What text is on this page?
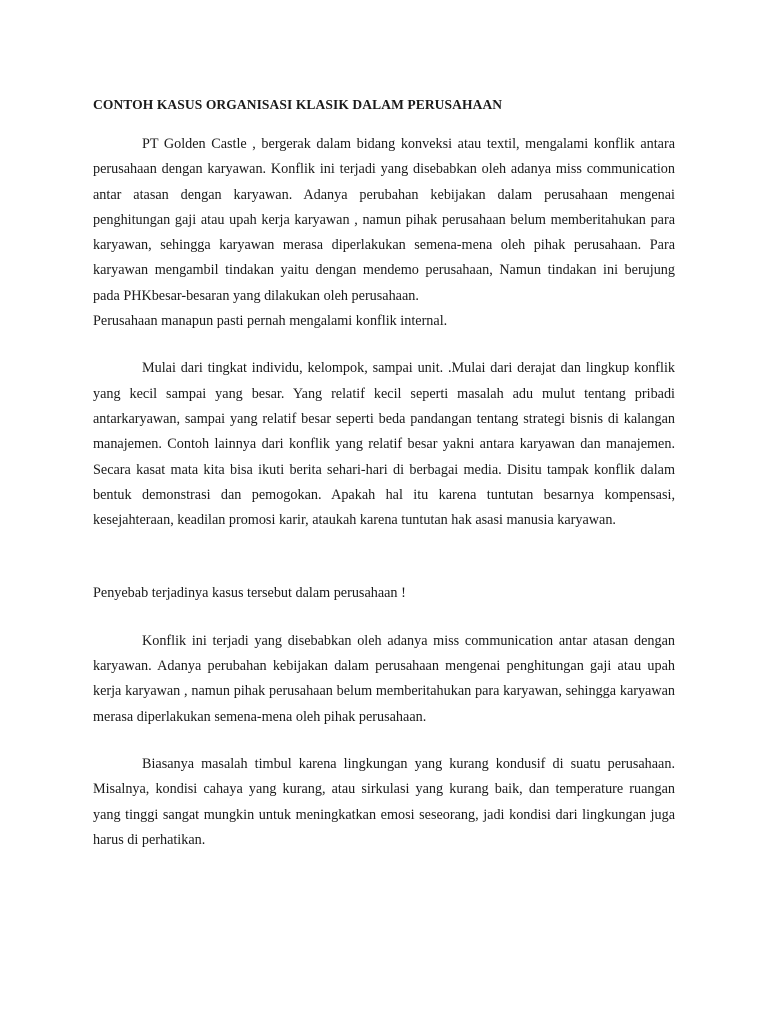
CONTOH KASUS ORGANISASI KLASIK DALAM PERUSAHAAN

PT Golden Castle , bergerak dalam bidang konveksi atau textil, mengalami konflik antara perusahaan dengan karyawan. Konflik ini terjadi yang disebabkan oleh adanya miss communication antar atasan dengan karyawan. Adanya perubahan kebijakan dalam perusahaan mengenai penghitungan gaji atau upah kerja karyawan , namun pihak perusahaan belum memberitahukan para karyawan, sehingga karyawan merasa diperlakukan semena-mena oleh pihak perusahaan. Para karyawan mengambil tindakan yaitu dengan mendemo perusahaan, Namun tindakan ini berujung pada PHKbesar-besaran yang dilakukan oleh perusahaan.

Perusahaan manapun pasti pernah mengalami konflik internal.

Mulai dari tingkat individu, kelompok, sampai unit. .Mulai dari derajat dan lingkup konflik yang kecil sampai yang besar. Yang relatif kecil seperti masalah adu mulut tentang pribadi antarkaryawan, sampai yang relatif besar seperti beda pandangan tentang strategi bisnis di kalangan manajemen. Contoh lainnya dari konflik yang relatif besar yakni antara karyawan dan manajemen. Secara kasat mata kita bisa ikuti berita sehari-hari di berbagai media. Disitu tampak konflik dalam bentuk demonstrasi dan pemogokan. Apakah hal itu karena tuntutan besarnya kompensasi, kesejahteraan, keadilan promosi karir, ataukah karena tuntutan hak asasi manusia karyawan.

Penyebab terjadinya kasus tersebut dalam perusahaan !

Konflik ini terjadi yang disebabkan oleh adanya miss communication antar atasan dengan karyawan. Adanya perubahan kebijakan dalam perusahaan mengenai penghitungan gaji atau upah kerja karyawan , namun pihak perusahaan belum memberitahukan para karyawan, sehingga karyawan merasa diperlakukan semena-mena oleh pihak perusahaan.

Biasanya masalah timbul karena lingkungan yang kurang kondusif di suatu perusahaan. Misalnya, kondisi cahaya yang kurang, atau sirkulasi yang kurang baik, dan temperature ruangan yang tinggi sangat mungkin untuk meningkatkan emosi seseorang, jadi kondisi dari lingkungan juga harus di perhatikan.
